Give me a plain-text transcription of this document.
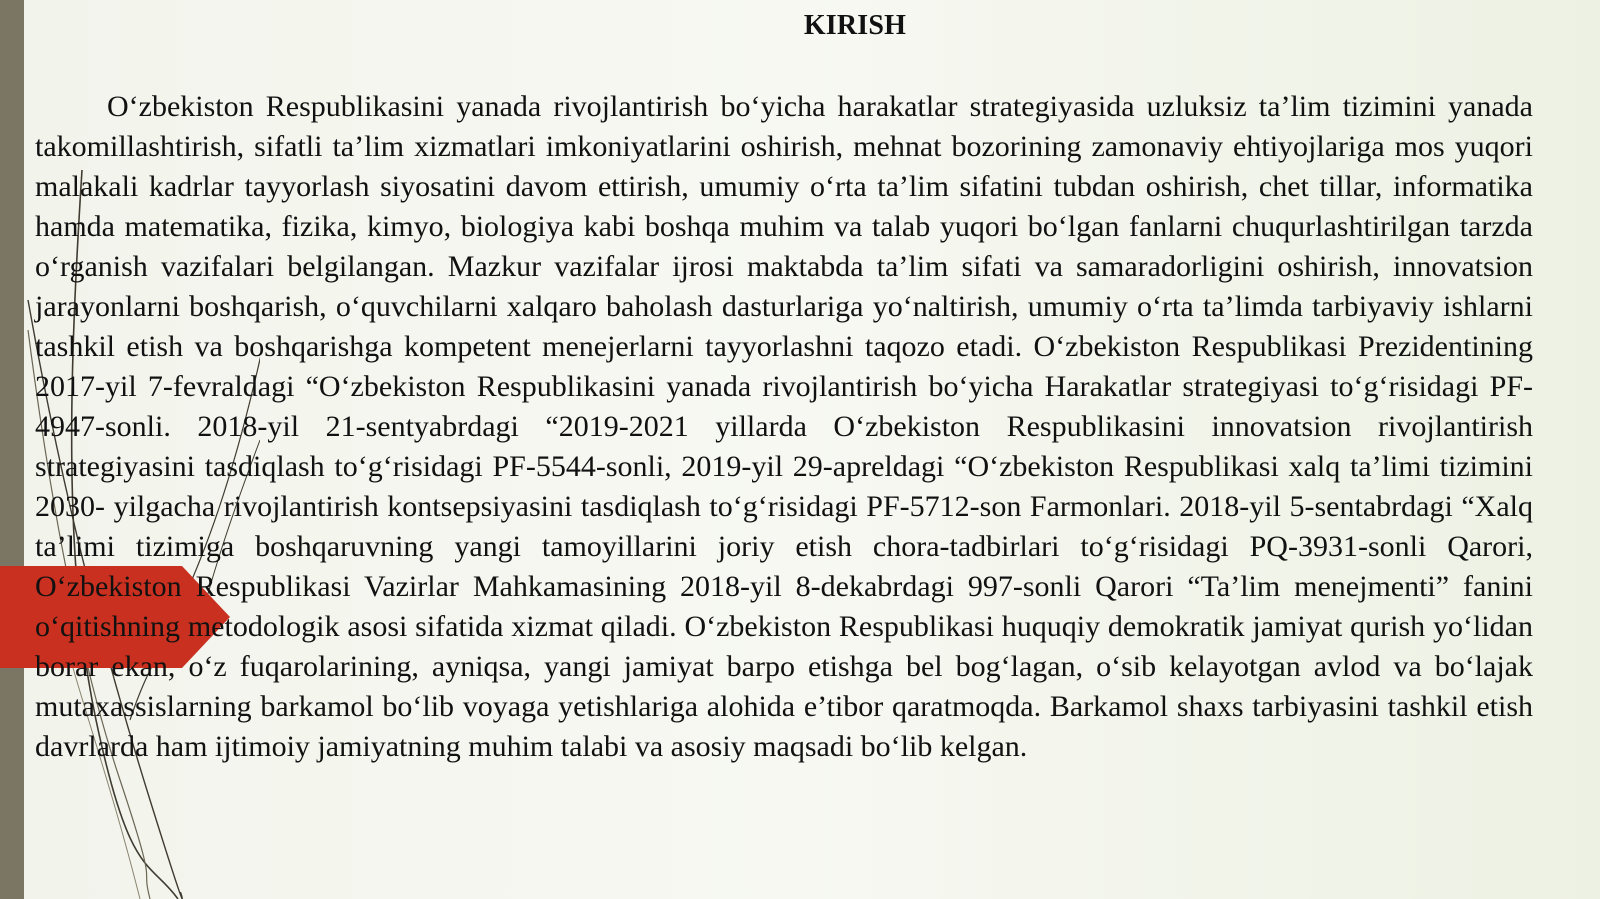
KIRISH

O‘zbekiston Respublikasini yanada rivojlantirish bo‘yicha harakatlar strategiyasida uzluksiz ta’lim tizimini yanada takomillashtirish, sifatli ta’lim xizmatlari imkoniyatlarini oshirish, mehnat bozorining zamonaviy ehtiyojlariga mos yuqori malakali kadrlar tayyorlash siyosatini davom ettirish, umumiy o‘rta ta’lim sifatini tubdan oshirish, chet tillar, informatika hamda matematika, fizika, kimyo, biologiya kabi boshqa muhim va talab yuqori bo‘lgan fanlarni chuqurlashtirilgan tarzda o‘rganish vazifalari belgilangan. Mazkur vazifalar ijrosi maktabda ta’lim sifati va samaradorligini oshirish, innovatsion jarayonlarni boshqarish, o‘quvchilarni xalqaro baholash dasturlariga yo‘naltirish, umumiy o‘rta ta’limda tarbiyaviy ishlarni tashkil etish va boshqarishga kompetent menejerlarni tayyorlashni taqozo etadi. O‘zbekiston Respublikasi Prezidentining 2017-yil 7-fevraldagi “O‘zbekiston Respublikasini yanada rivojlantirish bo‘yicha Harakatlar strategiyasi to‘g‘risidagi PF-4947-sonli. 2018-yil 21-sentyabrdagi “2019-2021 yillarda O‘zbekiston Respublikasini innovatsion rivojlantirish strategiyasini tasdiqlash to‘g‘risidagi PF-5544-sonli, 2019-yil 29-apreldagi “O‘zbekiston Respublikasi xalq ta’limi tizimini 2030- yilgacha rivojlantirish kontsepsiyasini tasdiqlash to‘g‘risidagi PF-5712-son Farmonlari. 2018-yil 5-sentabrdagi “Xalq ta’limi tizimiga boshqaruvning yangi tamoyillarini joriy etish chora-tadbirlari to‘g‘risidagi PQ-3931-sonli Qarori, O‘zbekiston Respublikasi Vazirlar Mahkamasining 2018-yil 8-dekabrdagi 997-sonli Qarori “Ta’lim menejmenti” fanini o‘qitishning metodologik asosi sifatida xizmat qiladi. O‘zbekiston Respublikasi huquqiy demokratik jamiyat qurish yo‘lidan borar ekan, o‘z fuqarolarining, ayniqsa, yangi jamiyat barpo etishga bel bog‘lagan, o‘sib kelayotgan avlod va bo‘lajak mutaxassislarning barkamol bo‘lib voyaga yetishlariga alohida e’tibor qaratmoqda. Barkamol shaxs tarbiyasini tashkil etish davrlarda ham ijtimoiy jamiyatning muhim talabi va asosiy maqsadi bo‘lib kelgan.
